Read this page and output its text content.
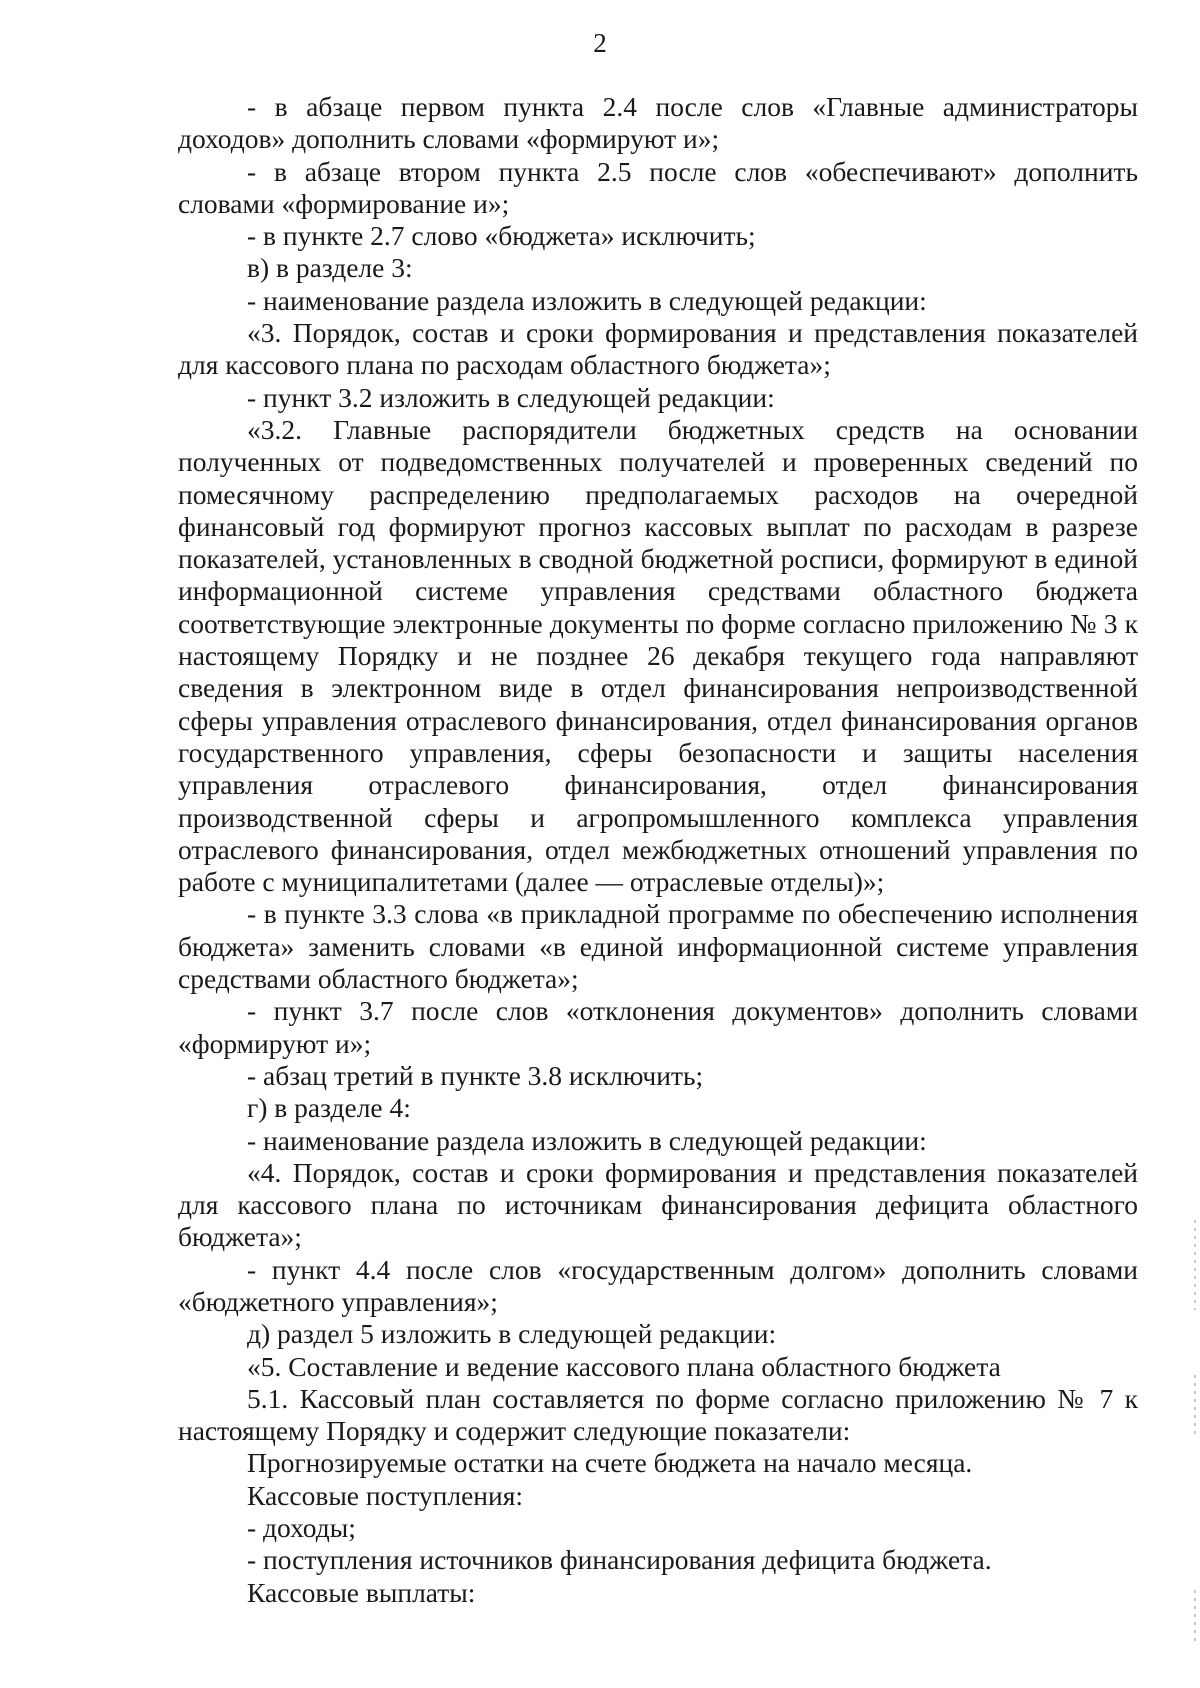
2

- в абзаце первом пункта 2.4 после слов «Главные администраторы доходов» дополнить словами «формируют и»;

- в абзаце втором пункта 2.5 после слов «обеспечивают» дополнить словами «формирование и»;

- в пункте 2.7 слово «бюджета» исключить;

в) в разделе 3:

- наименование раздела изложить в следующей редакции:

«3. Порядок, состав и сроки формирования и представления показателей для кассового плана по расходам областного бюджета»;

- пункт 3.2 изложить в следующей редакции:

«3.2. Главные распорядители бюджетных средств на основании полученных от подведомственных получателей и проверенных сведений по помесячному распределению предполагаемых расходов на очередной финансовый год формируют прогноз кассовых выплат по расходам в разрезе показателей, установленных в сводной бюджетной росписи, формируют в единой информационной системе управления средствами областного бюджета соответствующие электронные документы по форме согласно приложению № 3 к настоящему Порядку и не позднее 26 декабря текущего года направляют сведения в электронном виде в отдел финансирования непроизводственной сферы управления отраслевого финансирования, отдел финансирования органов государственного управления, сферы безопасности и защиты населения управления отраслевого финансирования, отдел финансирования производственной сферы и агропромышленного комплекса управления отраслевого финансирования, отдел межбюджетных отношений управления по работе с муниципалитетами (далее — отраслевые отделы)»;

- в пункте 3.3 слова «в прикладной программе по обеспечению исполнения бюджета» заменить словами «в единой информационной системе управления средствами областного бюджета»;

- пункт 3.7 после слов «отклонения документов» дополнить словами «формируют и»;

- абзац третий в пункте 3.8 исключить;

г) в разделе 4:

- наименование раздела изложить в следующей редакции:

«4. Порядок, состав и сроки формирования и представления показателей для кассового плана по источникам финансирования дефицита областного бюджета»;

- пункт 4.4 после слов «государственным долгом» дополнить словами «бюджетного управления»;

д) раздел 5 изложить в следующей редакции:

«5. Составление и ведение кассового плана областного бюджета

5.1. Кассовый план составляется по форме согласно приложению № 7 к настоящему Порядку и содержит следующие показатели:

Прогнозируемые остатки на счете бюджета на начало месяца.

Кассовые поступления:

- доходы;

- поступления источников финансирования дефицита бюджета.

Кассовые выплаты:
